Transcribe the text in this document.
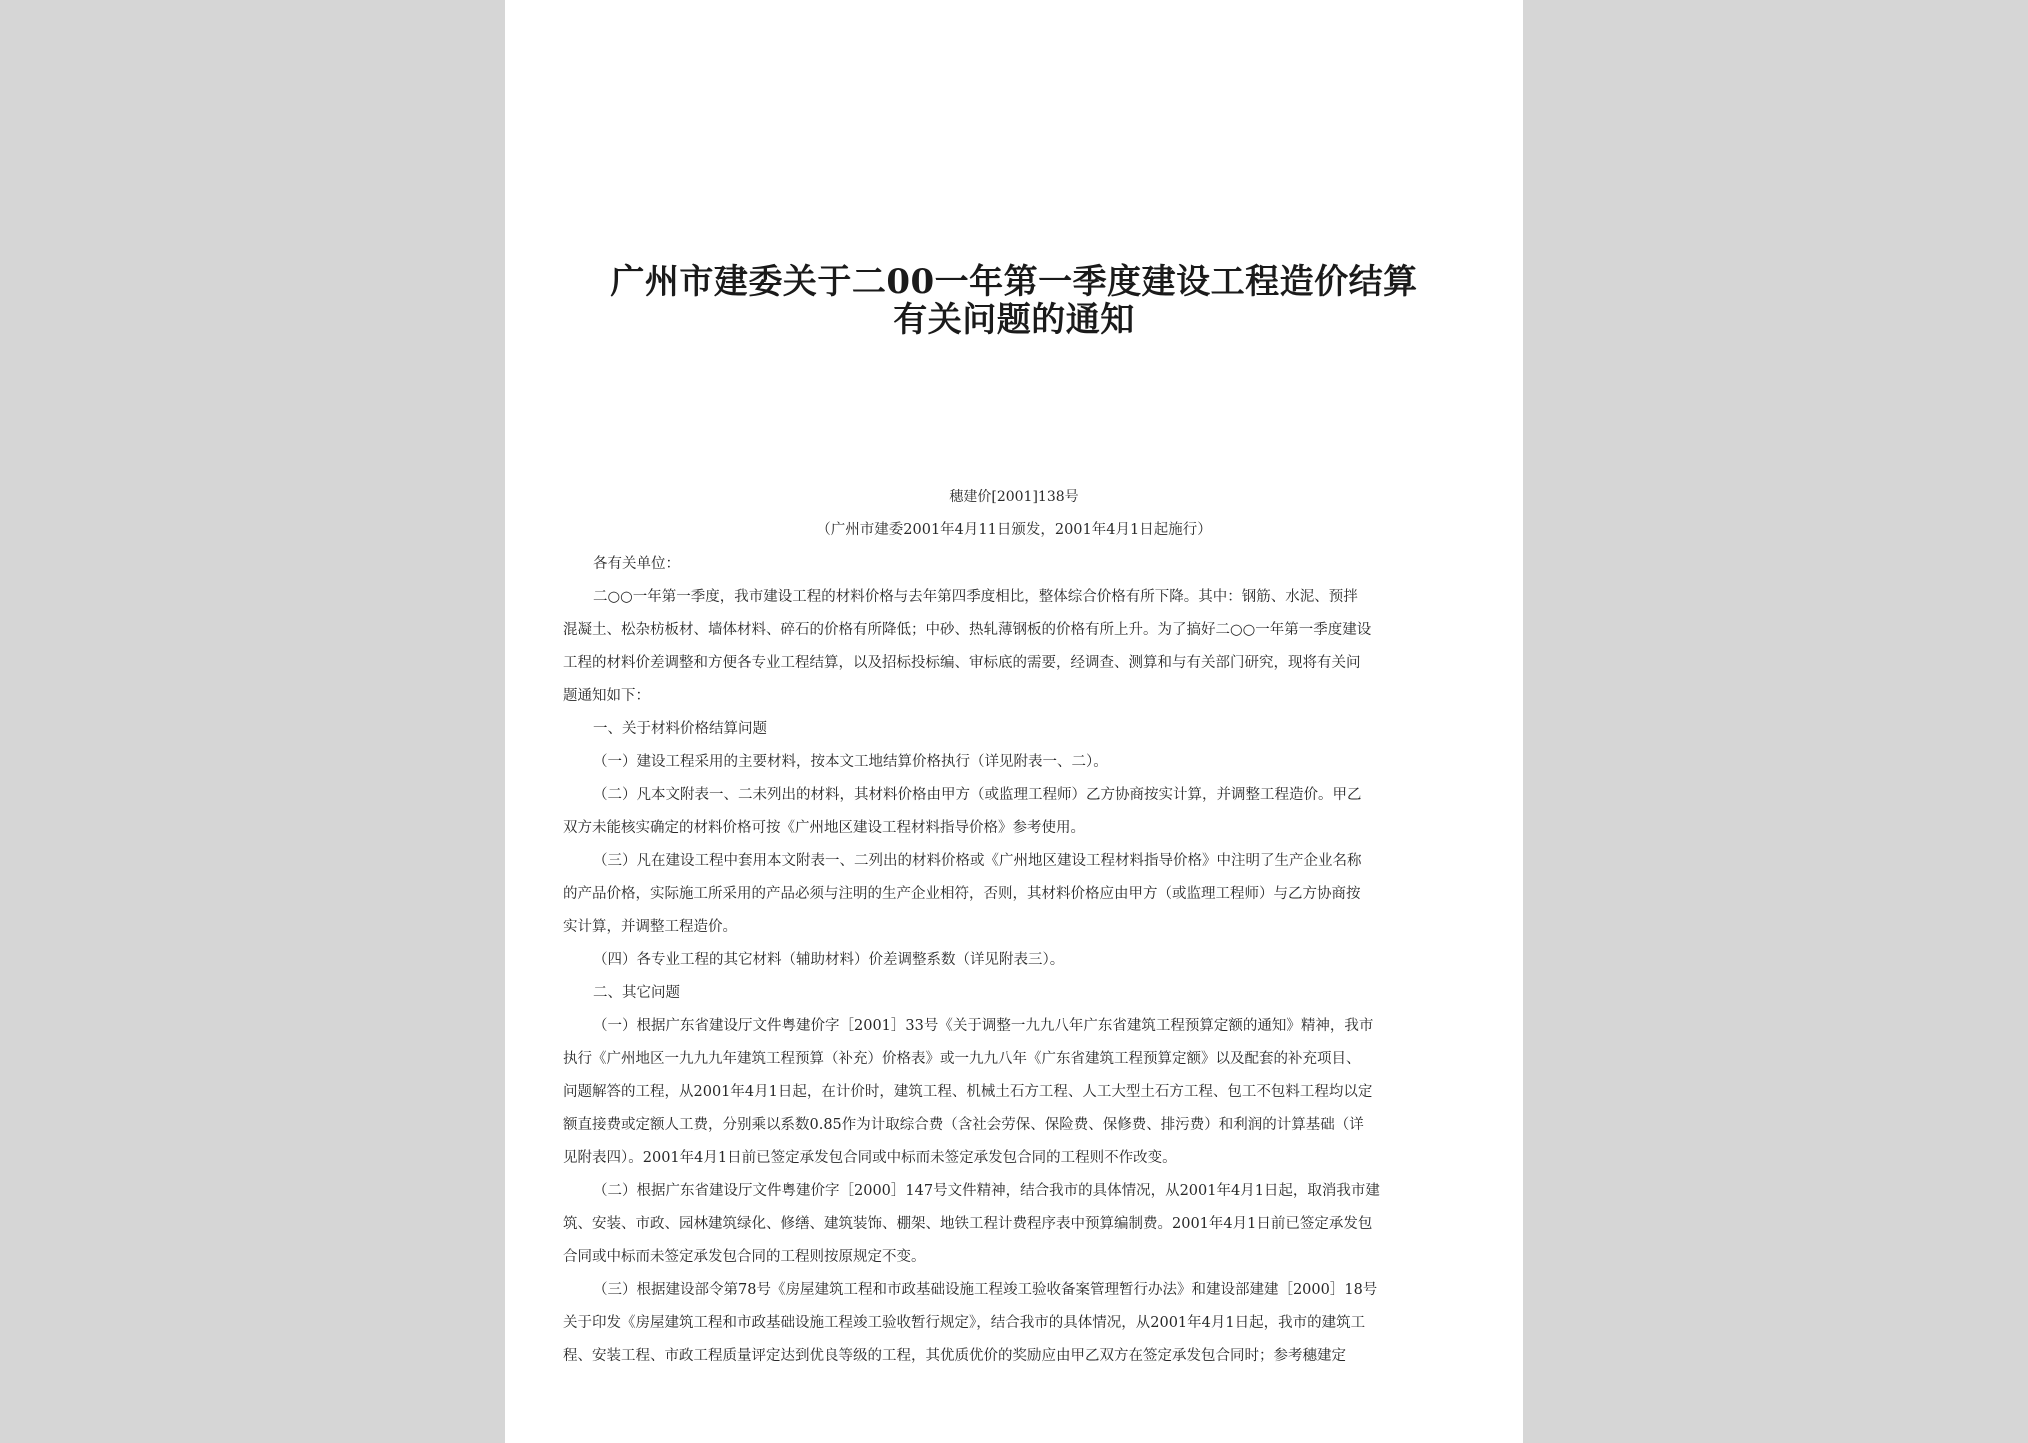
广州市建委关于二00一年第一季度建设工程造价结算
有关问题的通知
穗建价[2001]138号
（广州市建委2001年4月11日颁发，2001年4月1日起施行）
各有关单位：
二○○一年第一季度，我市建设工程的材料价格与去年第四季度相比，整体综合价格有所下降。其中：钢筋、水泥、预拌
混凝土、松杂枋板材、墙体材料、碎石的价格有所降低；中砂、热轧薄钢板的价格有所上升。为了搞好二○○一年第一季度建设
工程的材料价差调整和方便各专业工程结算，以及招标投标编、审标底的需要，经调查、测算和与有关部门研究，现将有关问
题通知如下：
一、关于材料价格结算问题
（一）建设工程采用的主要材料，按本文工地结算价格执行（详见附表一、二）。
（二）凡本文附表一、二未列出的材料，其材料价格由甲方（或监理工程师）乙方协商按实计算，并调整工程造价。甲乙
双方未能核实确定的材料价格可按《广州地区建设工程材料指导价格》参考使用。
（三）凡在建设工程中套用本文附表一、二列出的材料价格或《广州地区建设工程材料指导价格》中注明了生产企业名称
的产品价格，实际施工所采用的产品必须与注明的生产企业相符，否则，其材料价格应由甲方（或监理工程师）与乙方协商按
实计算，并调整工程造价。
（四）各专业工程的其它材料（辅助材料）价差调整系数（详见附表三）。
二、其它问题
（一）根据广东省建设厅文件粤建价字［2001］33号《关于调整一九九八年广东省建筑工程预算定额的通知》精神，我市
执行《广州地区一九九九年建筑工程预算（补充）价格表》或一九九八年《广东省建筑工程预算定额》以及配套的补充项目、
问题解答的工程，从2001年4月1日起，在计价时，建筑工程、机械土石方工程、人工大型土石方工程、包工不包料工程均以定
额直接费或定额人工费，分别乘以系数0.85作为计取综合费（含社会劳保、保险费、保修费、排污费）和利润的计算基础（详
见附表四）。2001年4月1日前已签定承发包合同或中标而未签定承发包合同的工程则不作改变。
（二）根据广东省建设厅文件粤建价字［2000］147号文件精神，结合我市的具体情况，从2001年4月1日起，取消我市建
筑、安装、市政、园林建筑绿化、修缮、建筑装饰、棚架、地铁工程计费程序表中预算编制费。2001年4月1日前已签定承发包
合同或中标而未签定承发包合同的工程则按原规定不变。
（三）根据建设部令第78号《房屋建筑工程和市政基础设施工程竣工验收备案管理暂行办法》和建设部建建［2000］18号
关于印发《房屋建筑工程和市政基础设施工程竣工验收暂行规定》，结合我市的具体情况，从2001年4月1日起，我市的建筑工
程、安装工程、市政工程质量评定达到优良等级的工程，其优质优价的奖励应由甲乙双方在签定承发包合同时；参考穗建定
